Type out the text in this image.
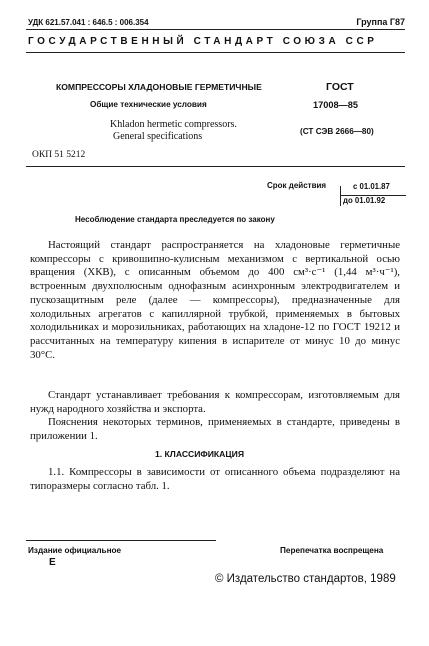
УДК 621.57.041 : 646.5 : 006.354	Группа Г87
ГОСУДАРСТВЕННЫЙ СТАНДАРТ СОЮЗА ССР
КОМПРЕССОРЫ ХЛАДОНОВЫЕ ГЕРМЕТИЧНЫЕ	ГОСТ
Общие технические условия	17008—85
Khladon hermetic compressors.
General specifications	(СТ СЭВ 2666—80)
ОКП 51 5212
Срок действия	с 01.01.87
до 01.01.92
Несоблюдение стандарта преследуется по закону
Настоящий стандарт распространяется на хладоновые герметичные компрессоры с кривошипно-кулисным механизмом с вертикальной осью вращения (ХКВ), с описанным объемом до 400 см³·с⁻¹ (1,44 м³·ч⁻¹), встроенным двухполюсным однофазным асинхронным электродвигателем и пускозащитным реле (далее — компрессоры), предназначенные для холодильных агрегатов с капиллярной трубкой, применяемых в бытовых холодильниках и морозильниках, работающих на хладоне-12 по ГОСТ 19212 и рассчитанных на температуру кипения в испарителе от минус 10 до минус 30°С.
Стандарт устанавливает требования к компрессорам, изготовляемым для нужд народного хозяйства и экспорта.
Пояснения некоторых терминов, применяемых в стандарте, приведены в приложении 1.
1. КЛАССИФИКАЦИЯ
1.1. Компрессоры в зависимости от описанного объема подразделяют на типоразмеры согласно табл. 1.
Издание официальное
Е
Перепечатка воспрещена
© Издательство стандартов, 1989
